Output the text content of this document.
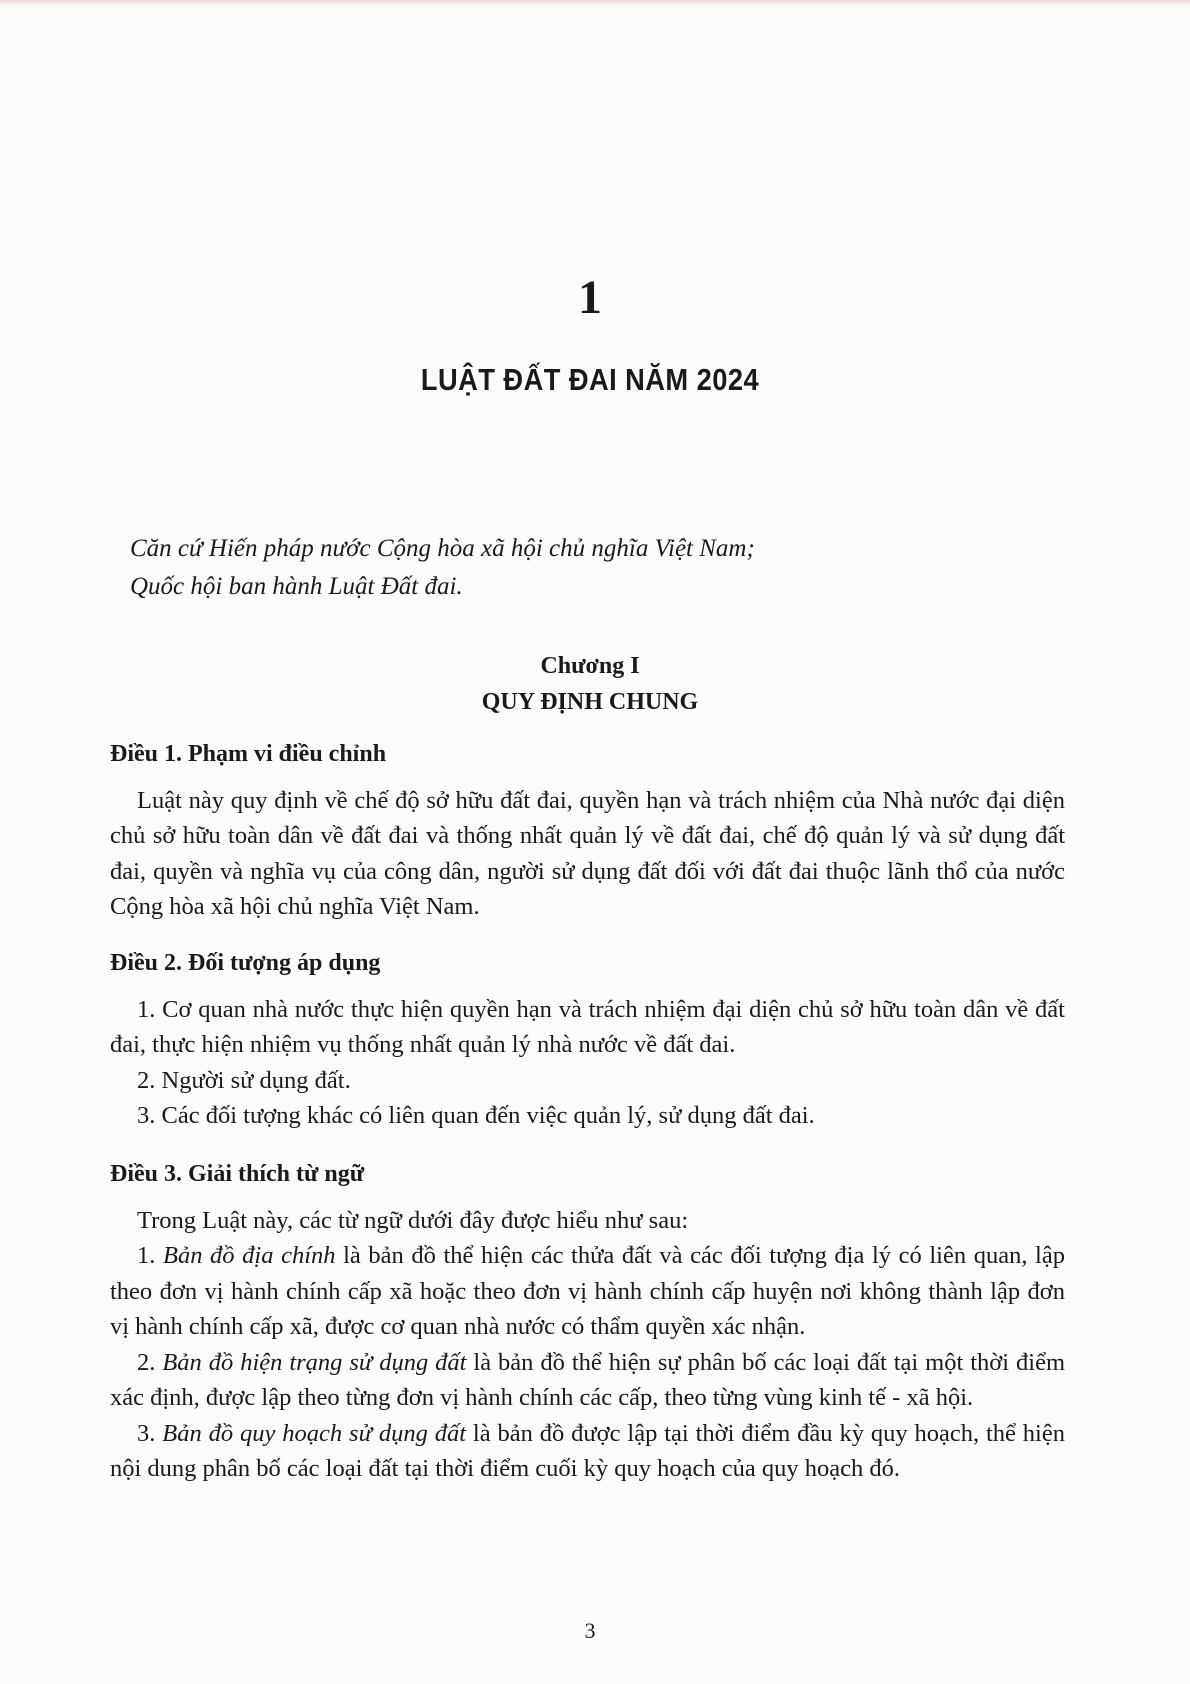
1
LUẬT ĐẤT ĐAI NĂM 2024
Căn cứ Hiến pháp nước Cộng hòa xã hội chủ nghĩa Việt Nam;
Quốc hội ban hành Luật Đất đai.
Chương I
QUY ĐỊNH CHUNG

Điều 1. Phạm vi điều chỉnh

Luật này quy định về chế độ sở hữu đất đai, quyền hạn và trách nhiệm của Nhà nước đại diện chủ sở hữu toàn dân về đất đai và thống nhất quản lý về đất đai, chế độ quản lý và sử dụng đất đai, quyền và nghĩa vụ của công dân, người sử dụng đất đối với đất đai thuộc lãnh thổ của nước Cộng hòa xã hội chủ nghĩa Việt Nam.

Điều 2. Đối tượng áp dụng

1. Cơ quan nhà nước thực hiện quyền hạn và trách nhiệm đại diện chủ sở hữu toàn dân về đất đai, thực hiện nhiệm vụ thống nhất quản lý nhà nước về đất đai.

2. Người sử dụng đất.

3. Các đối tượng khác có liên quan đến việc quản lý, sử dụng đất đai.

Điều 3. Giải thích từ ngữ

Trong Luật này, các từ ngữ dưới đây được hiểu như sau:

1. Bản đồ địa chính là bản đồ thể hiện các thửa đất và các đối tượng địa lý có liên quan, lập theo đơn vị hành chính cấp xã hoặc theo đơn vị hành chính cấp huyện nơi không thành lập đơn vị hành chính cấp xã, được cơ quan nhà nước có thẩm quyền xác nhận.

2. Bản đồ hiện trạng sử dụng đất là bản đồ thể hiện sự phân bố các loại đất tại một thời điểm xác định, được lập theo từng đơn vị hành chính các cấp, theo từng vùng kinh tế - xã hội.

3. Bản đồ quy hoạch sử dụng đất là bản đồ được lập tại thời điểm đầu kỳ quy hoạch, thể hiện nội dung phân bố các loại đất tại thời điểm cuối kỳ quy hoạch của quy hoạch đó.

3
